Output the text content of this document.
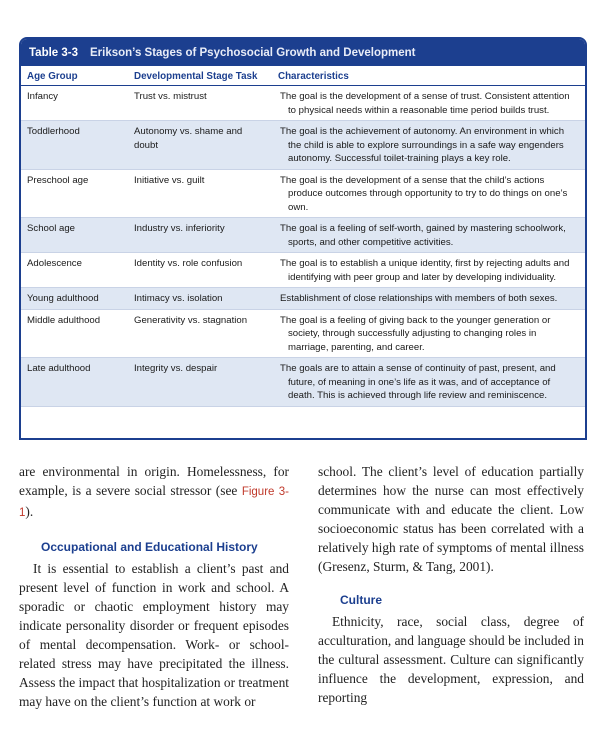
Table 3-3 Erikson’s Stages of Psychosocial Growth and Development
Age Group	Developmental Stage Task	Characteristics
Infancy	Trust vs. mistrust	The goal is the development of a sense of trust. Consistent attention to physical needs within a reasonable time period builds trust.

Toddlerhood	Autonomy vs. shame and doubt	The goal is the achievement of autonomy. An environment in which the child is able to explore surroundings in a safe way engenders autonomy. Successful toilet-training plays a key role.

Preschool age	Initiative vs. guilt	The goal is the development of a sense that the child’s actions produce outcomes through opportunity to try to do things on one’s own.

School age	Industry vs. inferiority	The goal is a feeling of self-worth, gained by mastering schoolwork, sports, and other competitive activities.

Adolescence	Identity vs. role confusion	The goal is to establish a unique identity, first by rejecting adults and identifying with peer group and later by developing individuality.

Young adulthood	Intimacy vs. isolation	Establishment of close relationships with members of both sexes.

Middle adulthood	Generativity vs. stagnation	The goal is a feeling of giving back to the younger generation or society, through successfully adjusting to changing roles in marriage, parenting, and career.

Late adulthood	Integrity vs. despair	The goals are to attain a sense of continuity of past, present, and future, of meaning in one’s life as it was, and of acceptance of death. This is achieved through life review and reminiscence.

are environmental in origin. Homelessness, for example, is a severe social stressor (see Figure 3-1).

Occupational and Educational History

It is essential to establish a client’s past and present level of function in work and school. A sporadic or chaotic employment history may indicate personality disorder or frequent episodes of mental decompensation. Work- or school-related stress may have precipitated the illness. Assess the impact that hospitalization or treatment may have on the client’s function at work or

school. The client’s level of education partially determines how the nurse can most effectively communicate with and educate the client. Low socioeconomic status has been correlated with a relatively high rate of symptoms of mental illness (Gresenz, Sturm, & Tang, 2001).

Culture

Ethnicity, race, social class, degree of acculturation, and language should be included in the cultural assessment. Culture can significantly influence the development, expression, and reporting
